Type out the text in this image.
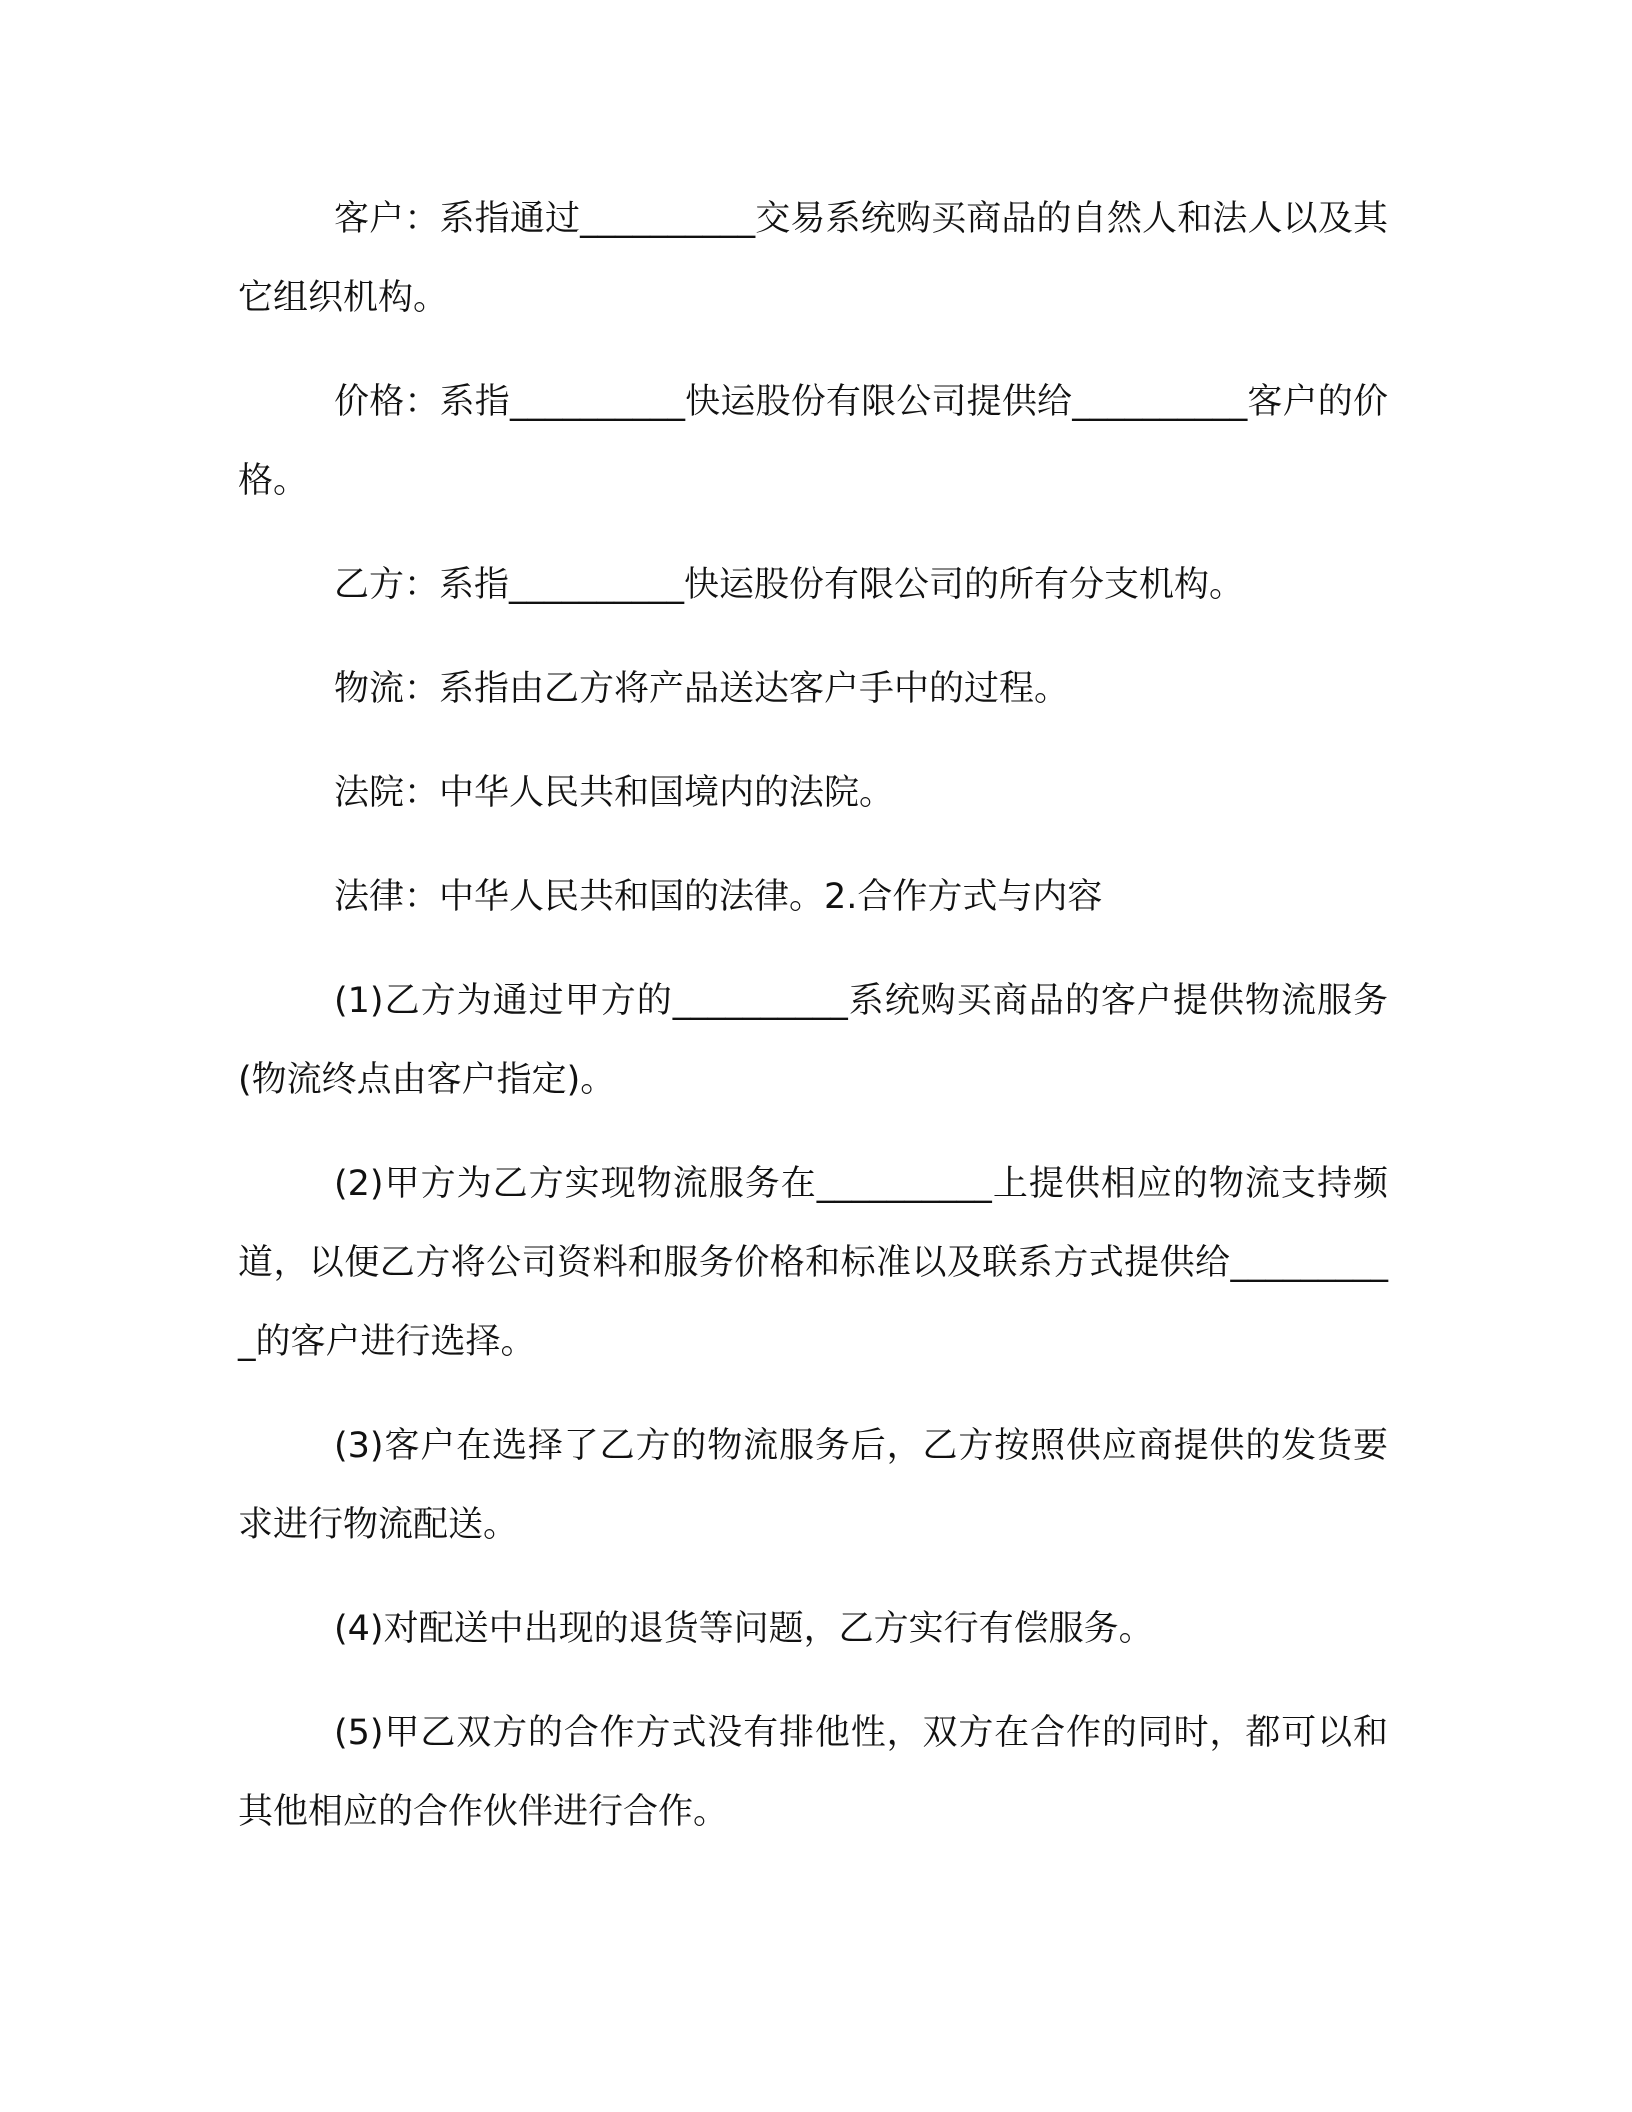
客户：系指通过__________交易系统购买商品的自然人和法人以及其它组织机构。

价格：系指__________快运股份有限公司提供给__________客户的价格。

乙方：系指__________快运股份有限公司的所有分支机构。

物流：系指由乙方将产品送达客户手中的过程。

法院：中华人民共和国境内的法院。

法律：中华人民共和国的法律。2.合作方式与内容

(1)乙方为通过甲方的__________系统购买商品的客户提供物流服务(物流终点由客户指定)。

(2)甲方为乙方实现物流服务在__________上提供相应的物流支持频道，以便乙方将公司资料和服务价格和标准以及联系方式提供给__________的客户进行选择。

(3)客户在选择了乙方的物流服务后，乙方按照供应商提供的发货要求进行物流配送。

(4)对配送中出现的退货等问题，乙方实行有偿服务。

(5)甲乙双方的合作方式没有排他性，双方在合作的同时，都可以和其他相应的合作伙伴进行合作。
